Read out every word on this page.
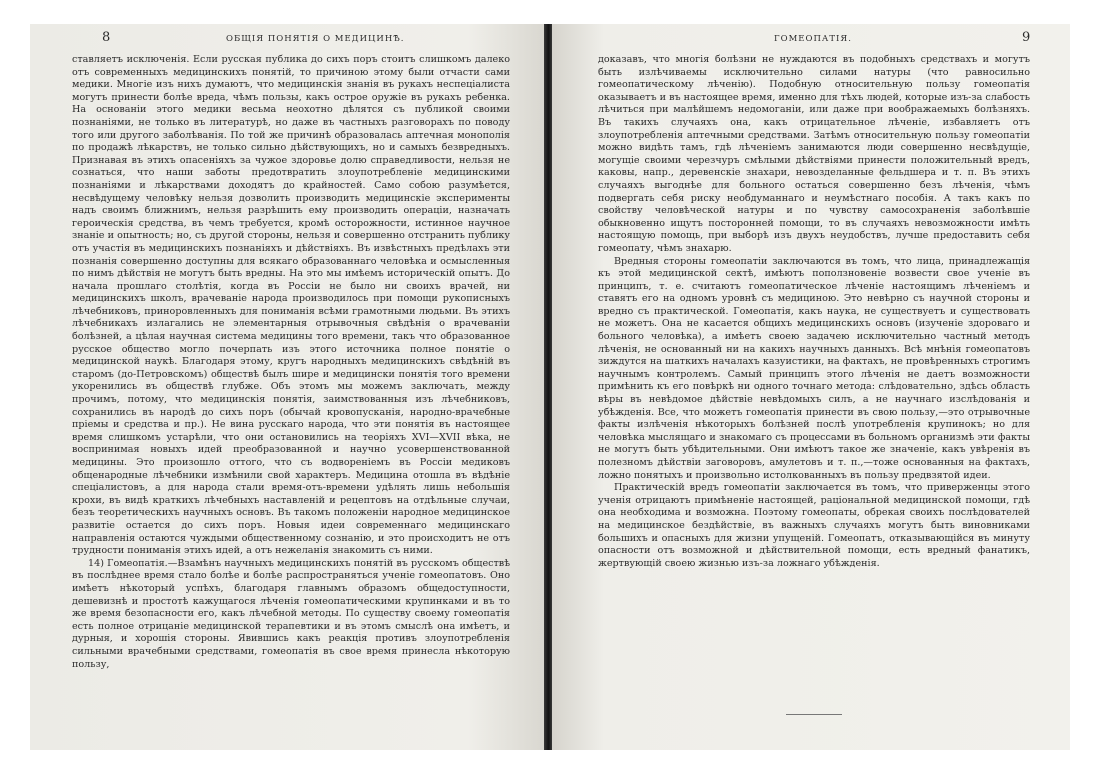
8	ОБЩІЯ ПОНЯТІЯ О МЕДИЦИНѢ.

ставляетъ исключенія. Если русская публика до сихъ поръ стоитъ слишкомъ далеко отъ современныхъ медицинскихъ понятій, то причиною этому были отчасти сами медики. Многіе изъ нихъ думаютъ, что медицинскія знанія въ рукахъ неспеціалиста могутъ принести болѣе вреда, чѣмъ пользы, какъ острое оружіе въ рукахъ ребенка. На основаніи этого медики весьма неохотно дѣлятся съ публикой своими познаніями, не только въ литературѣ, но даже въ частныхъ разговорахъ по поводу того или другого заболѣванія. По той же причинѣ образовалась аптечная монополія по продажѣ лѣкарствъ, не только сильно дѣйствующихъ, но и самыхъ безвредныхъ. Признавая въ этихъ опасеніяхъ за чужое здоровье долю справедливости, нельзя не сознаться, что наши заботы предотвратить злоупотребленіе медицинскими познаніями и лѣкарствами доходятъ до крайностей. Само собою разумѣется, несвѣдущему человѣку нельзя дозволить производить медицинскіе эксперименты надъ своимъ ближнимъ, нельзя разрѣшить ему производить операціи, назначать героическія средства, въ чемъ требуется, кромѣ осторожности, истинное научное знаніе и опытность; но, съ другой стороны, нельзя и совершенно отстранить публику отъ участія въ медицинскихъ познаніяхъ и дѣйствіяхъ. Въ извѣстныхъ предѣлахъ эти познанія совершенно доступны для всякаго образованнаго человѣка и осмысленныя по нимъ дѣйствія не могутъ быть вредны. На это мы имѣемъ историческій опытъ. До начала прошлаго столѣтія, когда въ Россіи не было ни своихъ врачей, ни медицинскихъ школъ, врачеваніе народа производилось при помощи рукописныхъ лѣчебниковъ, приноровленныхъ для пониманія всѣми грамотными людьми. Въ этихъ лѣчебникахъ излагались не элементарныя отрывочныя свѣдѣнія о врачеваніи болѣзней, а цѣлая научная система медицины того времени, такъ что образованное русское общество могло почерпать изъ этого источника полное понятіе о медицинской наукѣ. Благодаря этому, кругъ народныхъ медицинскихъ свѣдѣній въ старомъ (до-Петровскомъ) обществѣ былъ шире и медицински понятія того времени укоренились въ обществѣ глубже. Объ этомъ мы можемъ заключать, между прочимъ, потому, что медицинскія понятія, заимствованныя изъ лѣчебниковъ, сохранились въ народѣ до сихъ поръ (обычай кровопусканія, народно-врачебные пріемы и средства и пр.). Не вина русскаго народа, что эти понятія въ настоящее время слишкомъ устарѣли, что они остановились на теоріяхъ XVI—XVII вѣка, не воспринимая новыхъ идей преобразованной и научно усовершенствованной медицины. Это произошло оттого, что съ водвореніемъ въ Россіи медиковъ общенародные лѣчебники измѣнили свой характеръ. Медицина отошла въ вѣдѣніе спеціалистовъ, а для народа стали время-отъ-времени удѣлять лишь небольшія крохи, въ видѣ краткихъ лѣчебныхъ наставленій и рецептовъ на отдѣльные случаи, безъ теоретическихъ научныхъ основъ. Въ такомъ положеніи народное медицинское развитіе остается до сихъ поръ. Новыя идеи современнаго медицинскаго направленія остаются чуждыми общественному сознанію, и это происходитъ не отъ трудности пониманія этихъ идей, а отъ нежеланія знакомить съ ними.

14) Гомеопатія.—Взамѣнъ научныхъ медицинскихъ понятій въ русскомъ обществѣ въ послѣднее время стало болѣе и болѣе распространяться ученіе гомеопатовъ. Оно имѣетъ нѣкоторый успѣхъ, благодаря главнымъ образомъ общедоступности, дешевизнѣ и простотѣ кажущагося лѣченія гомеопатическими крупинками и въ то же время безопасности его, какъ лѣчебной методы. По существу своему гомеопатія есть полное отрицаніе медицинской терапевтики и въ этомъ смыслѣ она имѣетъ, и дурныя, и хорошія стороны. Явившись какъ реакція противъ злоупотребленія сильными врачебными средствами, гомеопатія въ свое время принесла нѣкоторую пользу,

ГОМЕОПАТІЯ.	9

доказавъ, что многія болѣзни не нуждаются въ подобныхъ средствахъ и могутъ быть излѣчиваемы исключительно силами натуры (что равносильно гомеопатическому лѣченію). Подобную относительную пользу гомеопатія оказываетъ и въ настоящее время, именно для тѣхъ людей, которые изъ-за слабость лѣчиться при малѣйшемъ недомоганіи, или даже при воображаемыхъ болѣзняхъ. Въ такихъ случаяхъ она, какъ отрицательное лѣченіе, избавляетъ отъ злоупотребленія аптечными средствами. Затѣмъ относительную пользу гомеопатіи можно видѣть тамъ, гдѣ лѣченіемъ занимаются люди совершенно несвѣдущіе, могущіе своими черезчуръ смѣлыми дѣйствіями принести положительный вредъ, каковы, напр., деревенскіе знахари, невозделанные фельдшера и т. п. Въ этихъ случаяхъ выгоднѣе для больного остаться совершенно безъ лѣченія, чѣмъ подвергать себя риску необдуманнаго и неумѣстнаго пособія. А такъ какъ по свойству человѣческой натуры и по чувству самосохраненія заболѣвшіе обыкновенно ищутъ посторонней помощи, то въ случаяхъ невозможности имѣть настоящую помощь, при выборѣ изъ двухъ неудобствъ, лучше предоставить себя гомеопату, чѣмъ знахарю.

Вредныя стороны гомеопатіи заключаются въ томъ, что лица, принадлежащія къ этой медицинской сектѣ, имѣютъ поползновеніе возвести свое ученіе въ принципъ, т. е. считаютъ гомеопатическое лѣченіе настоящимъ лѣченіемъ и ставятъ его на одномъ уровнѣ съ медициною. Это невѣрно съ научной стороны и вредно съ практической. Гомеопатія, какъ наука, не существуетъ и существовать не можетъ. Она не касается общихъ медицинскихъ основъ (изученіе здороваго и больного человѣка), а имѣетъ своею задачею исключительно частный методъ лѣченія, не основанный ни на какихъ научныхъ данныхъ. Всѣ мнѣнія гомеопатовъ зиждутся на шаткихъ началахъ казуистики, на фактахъ, не провѣренныхъ строгимъ научнымъ контролемъ. Самый принципъ этого лѣченія не даетъ возможности примѣнить къ его повѣркѣ ни одного точнаго метода: слѣдовательно, здѣсь область вѣры въ невѣдомое дѣйствіе невѣдомыхъ силъ, а не научнаго изслѣдованія и убѣжденія. Все, что можетъ гомеопатія принести въ свою пользу,—это отрывочные факты излѣченія нѣкоторыхъ болѣзней послѣ употребленія крупинокъ; но для человѣка мыслящаго и знакомаго съ процессами въ больномъ организмѣ эти факты не могутъ быть убѣдительными. Они имѣютъ такое же значеніе, какъ увѣренія въ полезномъ дѣйствіи заговоровъ, амулетовъ и т. п.,—тоже основанныя на фактахъ, ложно понятыхъ и произвольно истолкованныхъ въ пользу предвзятой идеи.

Практическій вредъ гомеопатіи заключается въ томъ, что приверженцы этого ученія отрицаютъ примѣненіе настоящей, раціональной медицинской помощи, гдѣ она необходима и возможна. Поэтому гомеопаты, обрекая своихъ послѣдователей на медицинское бездѣйствіе, въ важныхъ случаяхъ могутъ быть виновниками большихъ и опасныхъ для жизни упущеній. Гомеопатъ, отказывающійся въ минуту опасности отъ возможной и дѣйствительной помощи, есть вредный фанатикъ, жертвующій своею жизнью изъ-за ложнаго убѣжденія.
